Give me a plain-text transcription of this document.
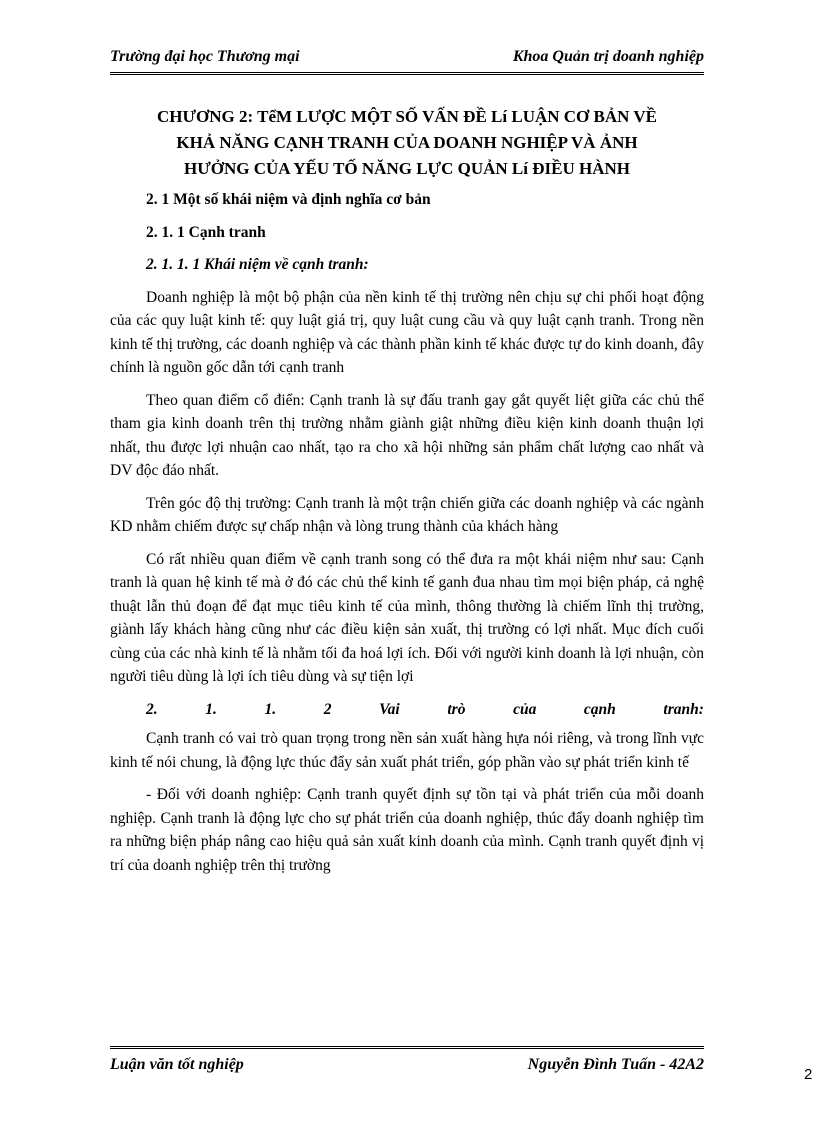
Trường đại học Thương mại	Khoa Quản trị doanh nghiệp
CHƯƠNG 2: TểM LƯỢC MỘT SỐ VẤN ĐỀ Lí LUẬN CƠ BẢN VỀ
KHẢ NĂNG CẠNH TRANH CỦA DOANH NGHIỆP VÀ ẢNH
HƯỞNG CỦA YẾU TỐ NĂNG LỰC QUẢN Lí ĐIỀU HÀNH
2. 1 Một số khái niệm và định nghĩa cơ bản
2. 1. 1 Cạnh tranh
2. 1. 1. 1 Khái niệm về cạnh tranh:

Doanh nghiệp là một bộ phận của nền kinh tế thị trường nên chịu sự chi phối hoạt động của các quy luật kinh tế: quy luật giá trị, quy luật cung cầu và quy luật cạnh tranh. Trong nền kinh tế thị trường, các doanh nghiệp và các thành phần kinh tế khác được tự do kinh doanh, đây chính là nguồn gốc dẫn tới cạnh tranh

Theo quan điểm cổ điển: Cạnh tranh là sự đấu tranh gay gắt quyết liệt giữa các chủ thể tham gia kinh doanh trên thị trường nhằm giành giật những điều kiện kinh doanh thuận lợi nhất, thu được lợi nhuận cao nhất, tạo ra cho xã hội những sản phẩm chất lượng cao nhất và DV độc đáo nhất.

Trên góc độ thị trường: Cạnh tranh là một trận chiến giữa các doanh nghiệp và các ngành KD nhằm chiếm được sự chấp nhận và lòng trung thành của khách hàng

Có rất nhiều quan điểm về cạnh tranh song có thể đưa ra một khái niệm như sau: Cạnh tranh là quan hệ kinh tế mà ở đó các chủ thể kinh tế ganh đua nhau tìm mọi biện pháp, cả nghệ thuật lẫn thủ đoạn để đạt mục tiêu kinh tế của mình, thông thường là chiếm lĩnh thị trường, giành lấy khách hàng cũng như các điều kiện sản xuất, thị trường có lợi nhất. Mục đích cuối cùng của các nhà kinh tế là nhằm tối đa hoá lợi ích. Đối với người kinh doanh là lợi nhuận, còn người tiêu dùng là lợi ích tiêu dùng và sự tiện lợi

2.	1.	1.	2	Vai	trò	của	cạnh	tranh:

Cạnh tranh có vai trò quan trọng trong nền sản xuất hàng hựa nói riêng, và trong lĩnh vực kinh tế nói chung, là động lực thúc đẩy sản xuất phát triển, góp phần vào sự phát triển kinh tế

- Đối với doanh nghiệp: Cạnh tranh quyết định sự tồn tại và phát triển của mỗi doanh nghiệp. Cạnh tranh là động lực cho sự phát triển của doanh nghiệp, thúc đẩy doanh nghiệp tìm ra những biện pháp nâng cao hiệu quả sản xuất kinh doanh của mình. Cạnh tranh quyết định vị trí của doanh nghiệp trên thị trường

Luận văn tốt nghiệp	Nguyễn Đình Tuấn - 42A2
2
